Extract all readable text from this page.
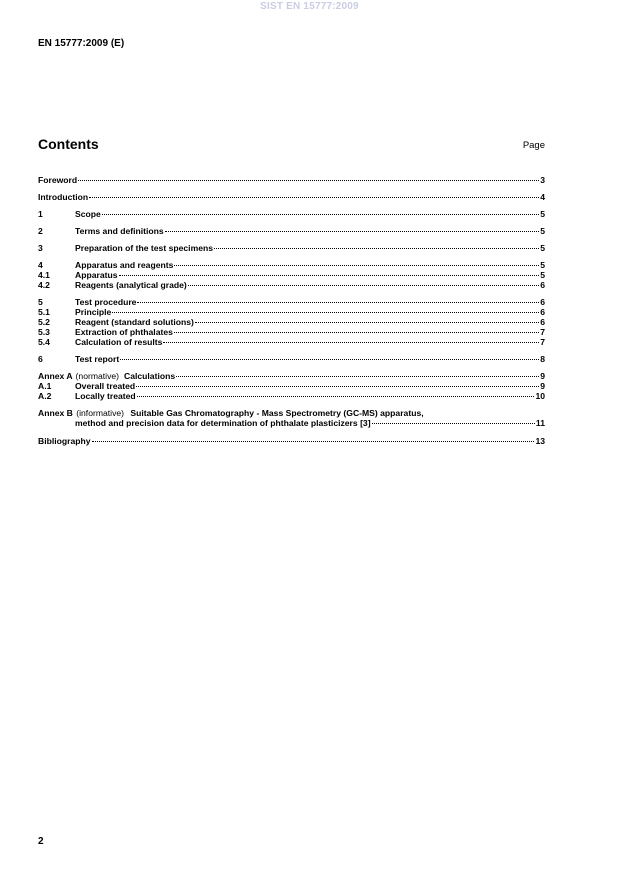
SIST EN 15777:2009
EN 15777:2009 (E)
Contents	Page
Foreword	3
Introduction	4
1	Scope	5
2	Terms and definitions	5
3	Preparation of the test specimens	5
4	Apparatus and reagents	5
4.1	Apparatus	5
4.2	Reagents (analytical grade)	6
5	Test procedure	6
5.1	Principle	6
5.2	Reagent (standard solutions)	6
5.3	Extraction of phthalates	7
5.4	Calculation of results	7
6	Test report	8
Annex A (normative) Calculations	9
A.1	Overall treated	9
A.2	Locally treated	10
Annex B (informative) Suitable Gas Chromatography - Mass Spectrometry (GC-MS) apparatus,
method and precision data for determination of phthalate plasticizers [3]	11
Bibliography	13
2
